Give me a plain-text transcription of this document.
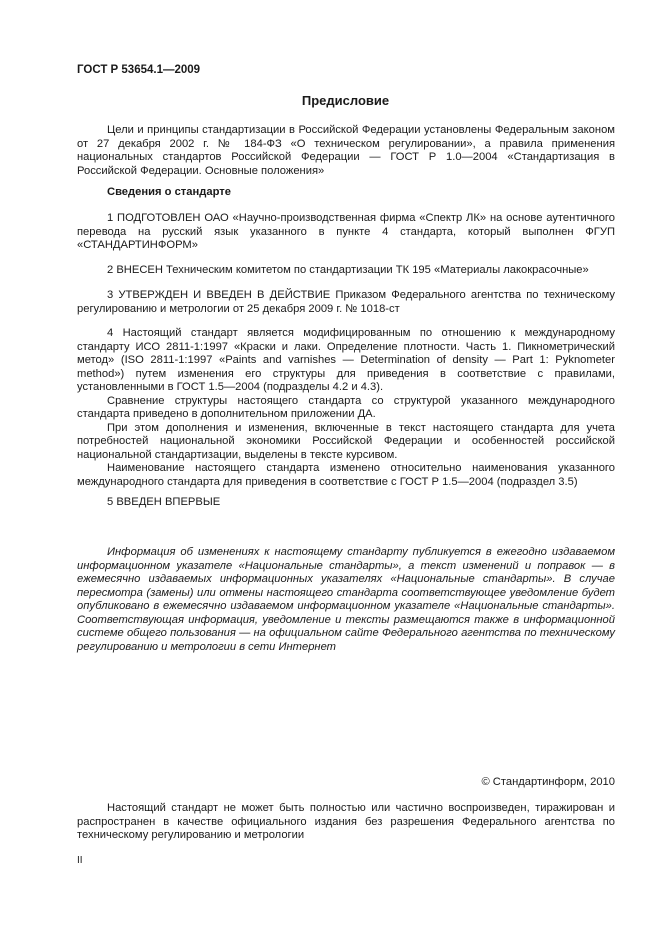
ГОСТ Р 53654.1—2009
Предисловие

Цели и принципы стандартизации в Российской Федерации установлены Федеральным законом от 27 декабря 2002 г. № 184-ФЗ «О техническом регулировании», а правила применения национальных стандартов Российской Федерации — ГОСТ Р 1.0—2004 «Стандартизация в Российской Федерации. Основные положения»

Сведения о стандарте

1 ПОДГОТОВЛЕН ОАО «Научно-производственная фирма «Спектр ЛК» на основе аутентичного перевода на русский язык указанного в пункте 4 стандарта, который выполнен ФГУП «СТАНДАРТИНФОРМ»

2 ВНЕСЕН Техническим комитетом по стандартизации ТК 195 «Материалы лакокрасочные»

3 УТВЕРЖДЕН И ВВЕДЕН В ДЕЙСТВИЕ Приказом Федерального агентства по техническому регулированию и метрологии от 25 декабря 2009 г. № 1018-ст

4 Настоящий стандарт является модифицированным по отношению к международному стандарту ИСО 2811-1:1997 «Краски и лаки. Определение плотности. Часть 1. Пикнометрический метод» (ISO 2811-1:1997 «Paints and varnishes — Determination of density — Part 1: Pyknometer method») путем изменения его структуры для приведения в соответствие с правилами, установленными в ГОСТ 1.5—2004 (подразделы 4.2 и 4.3).

Сравнение структуры настоящего стандарта со структурой указанного международного стандарта приведено в дополнительном приложении ДА.

При этом дополнения и изменения, включенные в текст настоящего стандарта для учета потребностей национальной экономики Российской Федерации и особенностей российской национальной стандартизации, выделены в тексте курсивом.

Наименование настоящего стандарта изменено относительно наименования указанного международного стандарта для приведения в соответствие с ГОСТ Р 1.5—2004 (подраздел 3.5)

5 ВВЕДЕН ВПЕРВЫЕ

Информация об изменениях к настоящему стандарту публикуется в ежегодно издаваемом информационном указателе «Национальные стандарты», а текст изменений и поправок — в ежемесячно издаваемых информационных указателях «Национальные стандарты». В случае пересмотра (замены) или отмены настоящего стандарта соответствующее уведомление будет опубликовано в ежемесячно издаваемом информационном указателе «Национальные стандарты». Соответствующая информация, уведомление и тексты размещаются также в информационной системе общего пользования — на официальном сайте Федерального агентства по техническому регулированию и метрологии в сети Интернет

© Стандартинформ, 2010

Настоящий стандарт не может быть полностью или частично воспроизведен, тиражирован и распространен в качестве официального издания без разрешения Федерального агентства по техническому регулированию и метрологии

II
